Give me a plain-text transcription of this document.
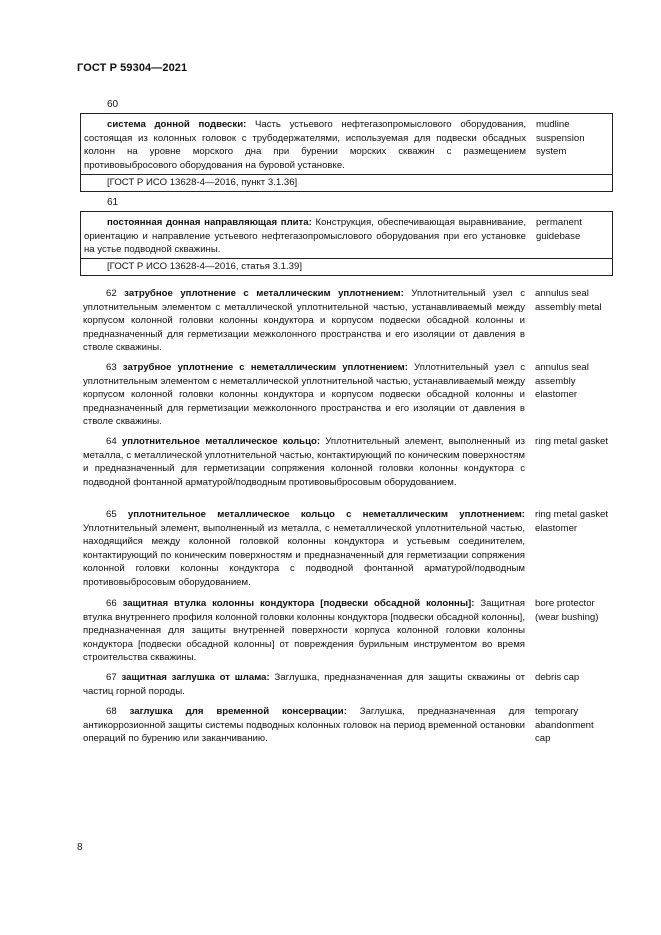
ГОСТ Р 59304—2021
60
система донной подвески: Часть устьевого нефтегазопромыслового оборудования, состоящая из колонных головок с трубодержателями, используемая для подвески обсадных колонн на уровне морского дна при бурении морских скважин с размещением противовыбросового оборудования на буровой установке.
[ГОСТ Р ИСО 13628-4—2016, пункт 3.1.36]
mudline suspension system
61
постоянная донная направляющая плита: Конструкция, обеспечивающая выравнивание, ориентацию и направление устьевого нефтегазопромыслового оборудования при его установке на устье подводной скважины.
[ГОСТ Р ИСО 13628-4—2016, статья 3.1.39]
permanent guidebase
62 затрубное уплотнение с металлическим уплотнением: Уплотнительный узел с уплотнительным элементом с металлической уплотнительной частью, устанавливаемый между корпусом колонной головки колонны кондуктора и корпусом подвески обсадной колонны и предназначенный для герметизации межколонного пространства и его изоляции от давления в стволе скважины.
annulus seal assembly metal
63 затрубное уплотнение с неметаллическим уплотнением: Уплотнительный узел с уплотнительным элементом с неметаллической уплотнительной частью, устанавливаемый между корпусом колонной головки колонны кондуктора и корпусом подвески обсадной колонны и предназначенный для герметизации межколонного пространства и его изоляции от давления в стволе скважины.
annulus seal assembly elastomer
64 уплотнительное металлическое кольцо: Уплотнительный элемент, выполненный из металла, с металлической уплотнительной частью, контактирующий по коническим поверхностям и предназначенный для герметизации сопряжения колонной головки колонны кондуктора с подводной фонтанной арматурой/подводным противовыбросовым оборудованием.
ring metal gasket
65 уплотнительное металлическое кольцо с неметаллическим уплотнением: Уплотнительный элемент, выполненный из металла, с неметаллической уплотнительной частью, находящийся между колонной головкой колонны кондуктора и устьевым соединителем, контактирующий по коническим поверхностям и предназначенный для герметизации сопряжения колонной головки колонны кондуктора с подводной фонтанной арматурой/подводным противовыбросовым оборудованием.
ring metal gasket elastomer
66 защитная втулка колонны кондуктора [подвески обсадной колонны]: Защитная втулка внутреннего профиля колонной головки колонны кондуктора [подвески обсадной колонны], предназначенная для защиты внутренней поверхности корпуса колонной головки колонны кондуктора [подвески обсадной колонны] от повреждения бурильным инструментом во время строительства скважины.
bore protector (wear bushing)
67 защитная заглушка от шлама: Заглушка, предназначенная для защиты скважины от частиц горной породы.
debris cap
68 заглушка для временной консервации: Заглушка, предназначенная для антикоррозионной защиты системы подводных колонных головок на период временной остановки операций по бурению или заканчиванию.
temporary abandonment cap
8
